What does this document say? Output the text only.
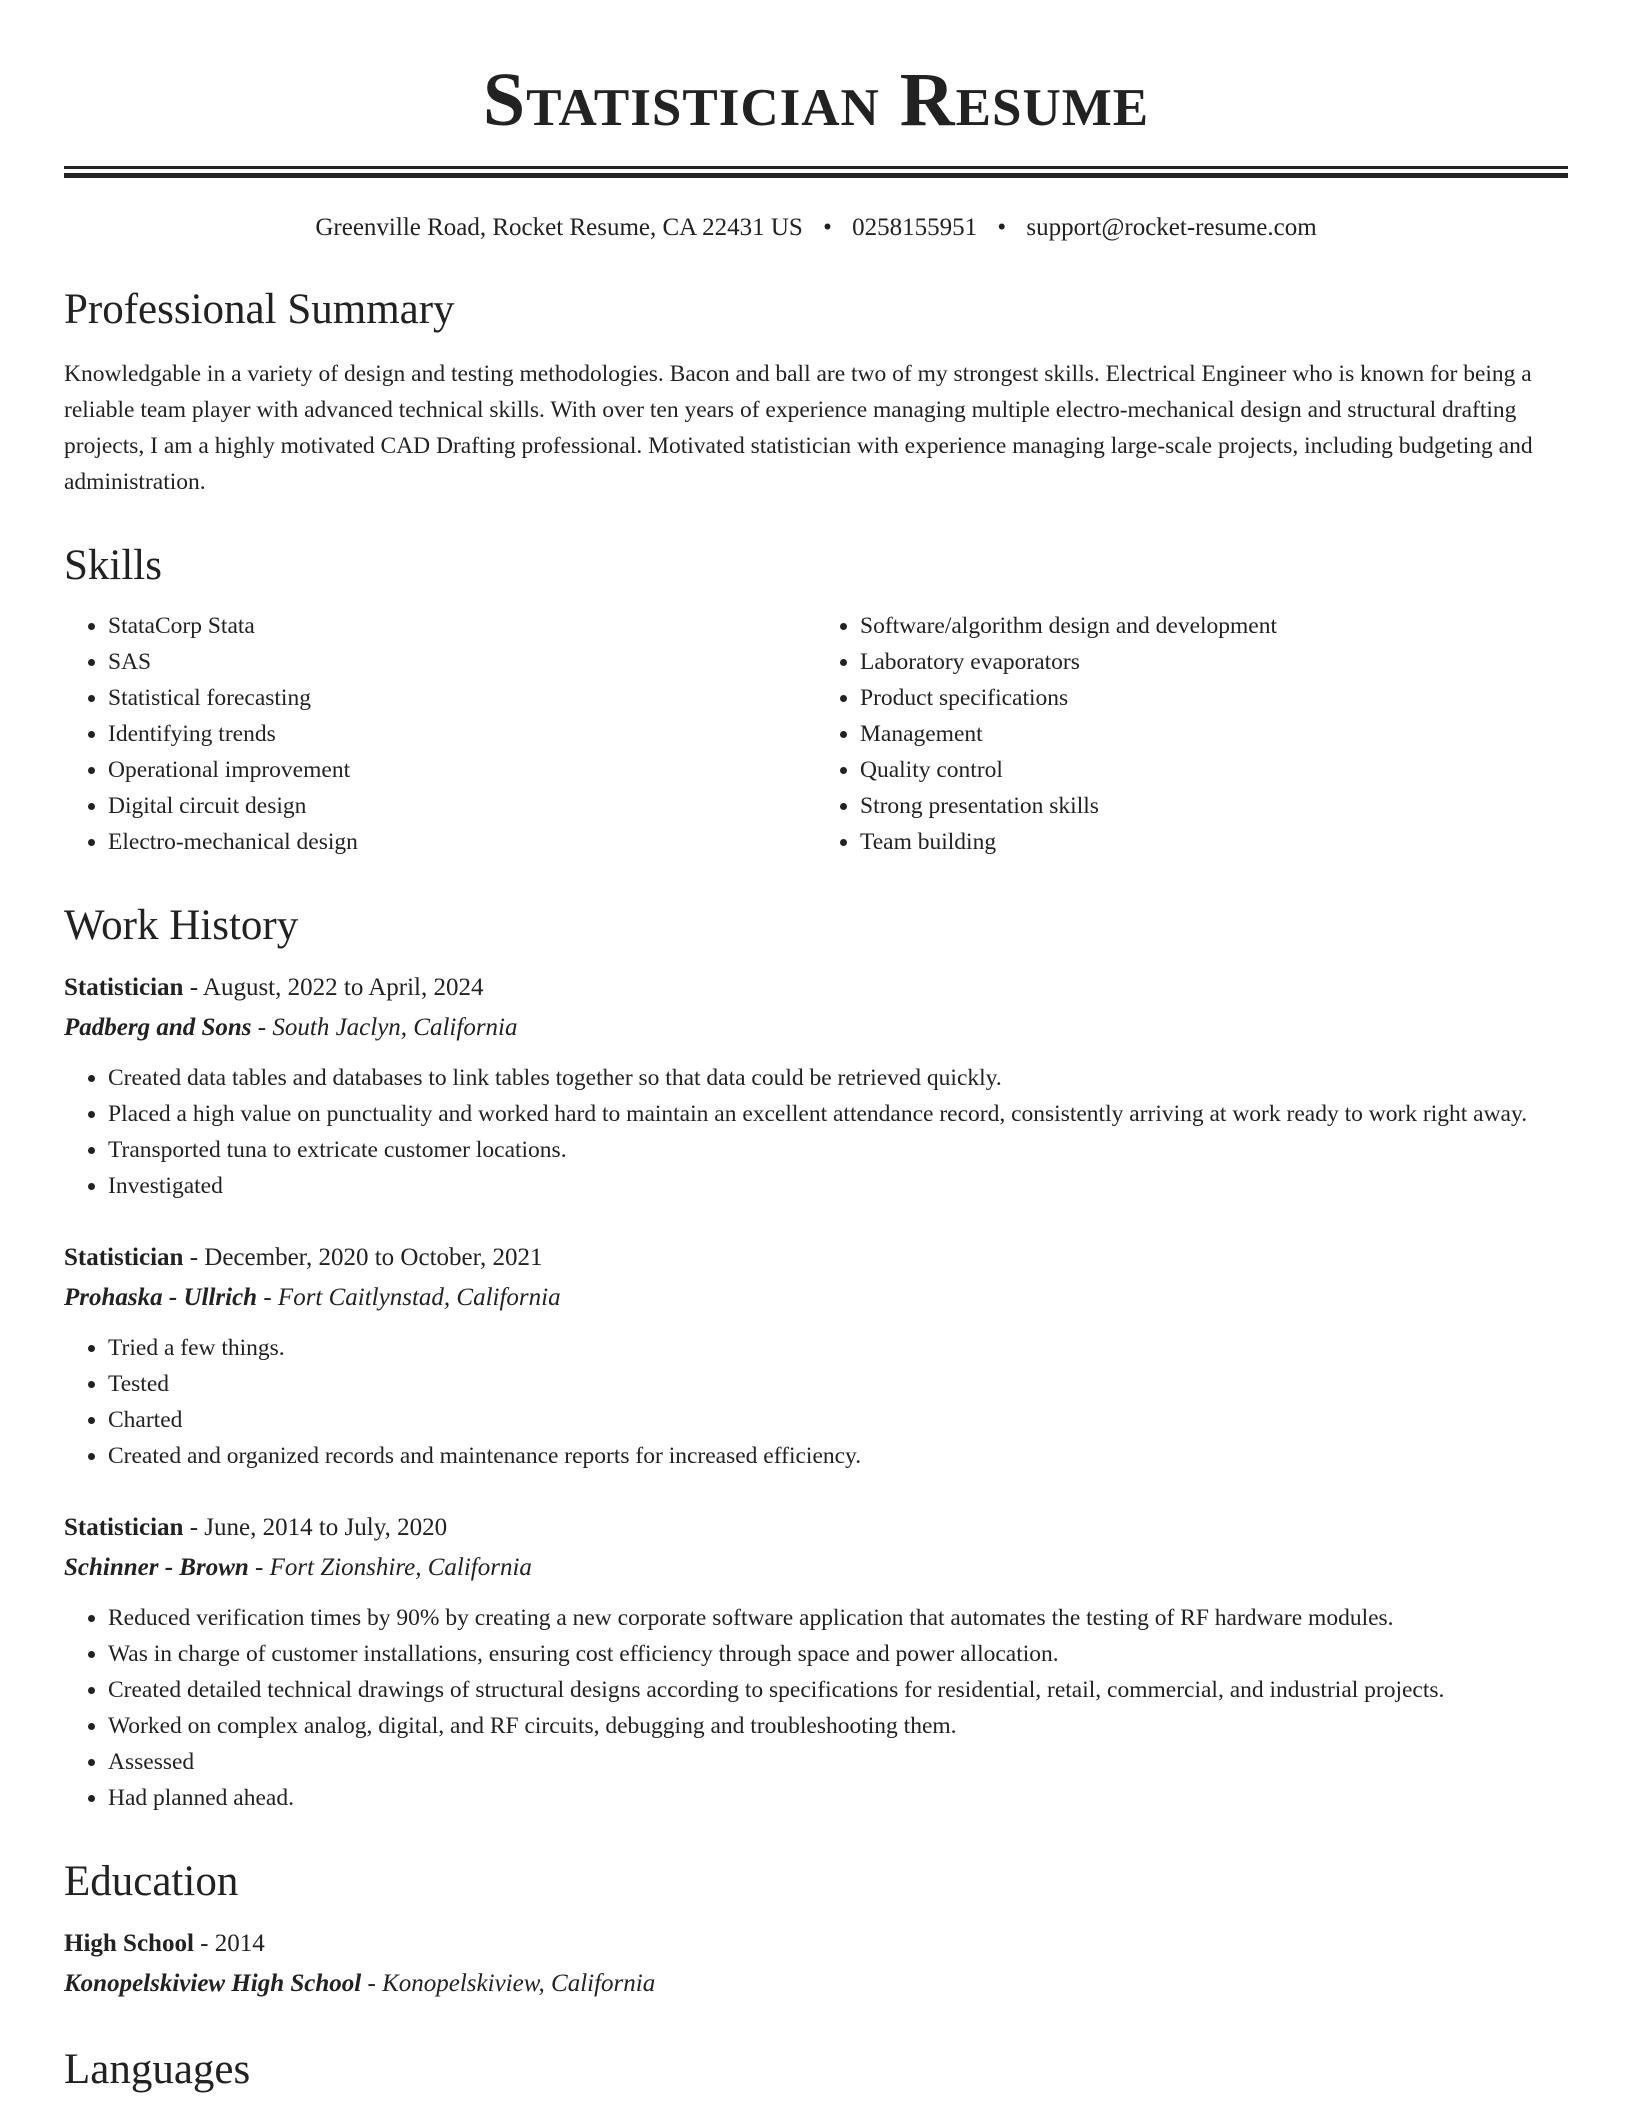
Statistician Resume
Greenville Road, Rocket Resume, CA 22431 US • 0258155951 • support@rocket-resume.com
Professional Summary

Knowledgable in a variety of design and testing methodologies. Bacon and ball are two of my strongest skills. Electrical Engineer who is known for being a reliable team player with advanced technical skills. With over ten years of experience managing multiple electro-mechanical design and structural drafting projects, I am a highly motivated CAD Drafting professional. Motivated statistician with experience managing large-scale projects, including budgeting and administration.

Skills
• StataCorp Stata
• SAS
• Statistical forecasting
• Identifying trends
• Operational improvement
• Digital circuit design
• Electro-mechanical design
• Software/algorithm design and development
• Laboratory evaporators
• Product specifications
• Management
• Quality control
• Strong presentation skills
• Team building
Work History
Statistician - August, 2022 to April, 2024
Padberg and Sons - South Jaclyn, California
• Created data tables and databases to link tables together so that data could be retrieved quickly.
• Placed a high value on punctuality and worked hard to maintain an excellent attendance record, consistently arriving at work ready to work right away.
• Transported tuna to extricate customer locations.
• Investigated
Statistician - December, 2020 to October, 2021
Prohaska - Ullrich - Fort Caitlynstad, California
• Tried a few things.
• Tested
• Charted
• Created and organized records and maintenance reports for increased efficiency.
Statistician - June, 2014 to July, 2020
Schinner - Brown - Fort Zionshire, California
• Reduced verification times by 90% by creating a new corporate software application that automates the testing of RF hardware modules.
• Was in charge of customer installations, ensuring cost efficiency through space and power allocation.
• Created detailed technical drawings of structural designs according to specifications for residential, retail, commercial, and industrial projects.
• Worked on complex analog, digital, and RF circuits, debugging and troubleshooting them.
• Assessed
• Had planned ahead.
Education
High School - 2014
Konopelskiview High School - Konopelskiview, California
Languages
